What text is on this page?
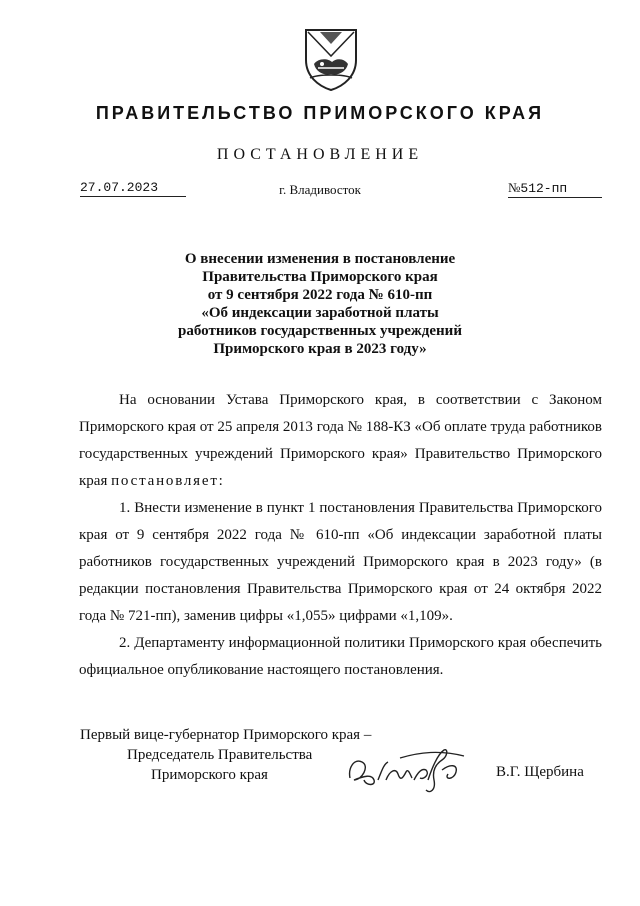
ПРАВИТЕЛЬСТВО ПРИМОРСКОГО КРАЯ
ПОСТАНОВЛЕНИЕ
27.07.2023	г. Владивосток	№512-пп
О внесении изменения в постановление
Правительства Приморского края
от 9 сентября 2022 года № 610-пп
«Об индексации заработной платы
работников государственных учреждений
Приморского края в 2023 году»

На основании Устава Приморского края, в соответствии с Законом Приморского края от 25 апреля 2013 года № 188-КЗ «Об оплате труда работников государственных учреждений Приморского края» Правительство Приморского края постановляет:

1. Внести изменение в пункт 1 постановления Правительства Приморского края от 9 сентября 2022 года № 610-пп «Об индексации заработной платы работников государственных учреждений Приморского края в 2023 году» (в редакции постановления Правительства Приморского края от 24 октября 2022 года № 721-пп), заменив цифры «1,055» цифрами «1,109».

2. Департаменту информационной политики Приморского края обеспечить официальное опубликование настоящего постановления.

Первый вице-губернатор Приморского края –
Председатель Правительства
Приморского края	В.Г. Щербина
